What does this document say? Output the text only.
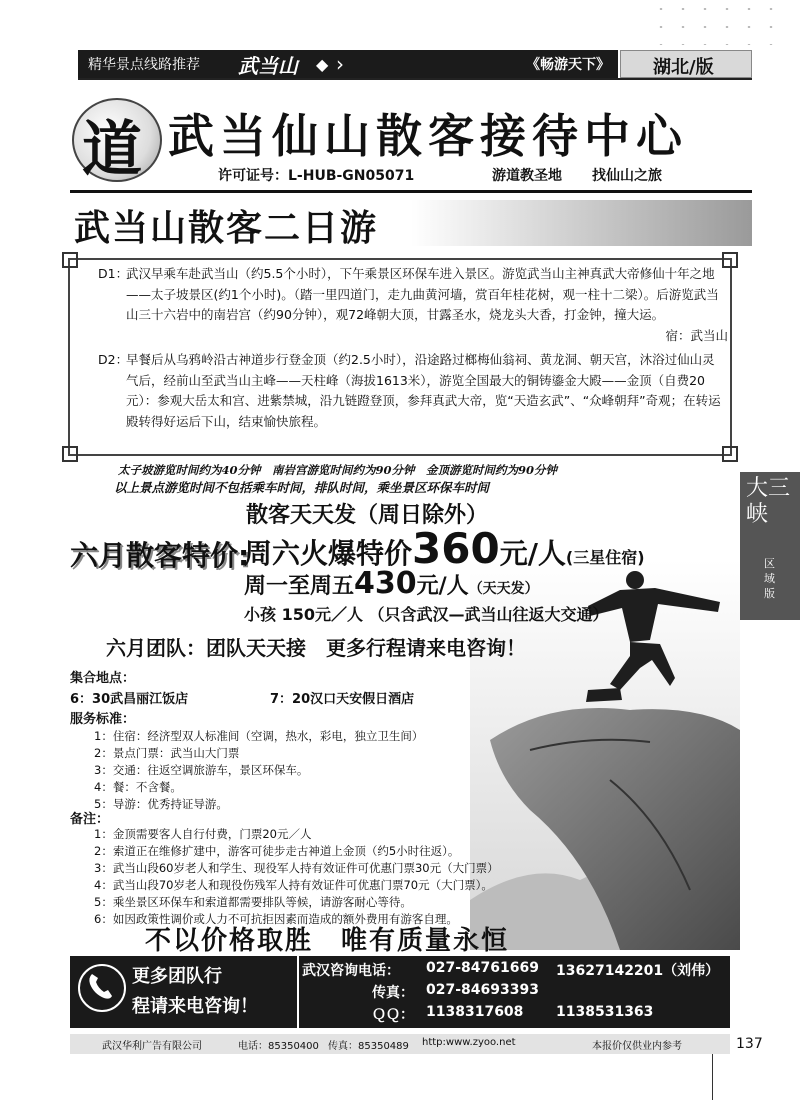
精华景点线路推荐 武当山 ◆ ›	《畅游天下》 湖北/版
道 武当仙山散客接待中心
许可证号：L-HUB-GN05071	游道教圣地 找仙山之旅
武当山散客二日游
D1：
武汉早乘车赴武当山（约5.5个小时），下午乘景区环保车进入景区。游览武当山主神真武大帝修仙十年之地——太子坡景区(约1个小时)。（踏一里四道门，走九曲黄河墙，赏百年桂花树，观一柱十二梁）。后游览武当山三十六岩中的南岩宫（约90分钟），观72峰朝大顶，甘露圣水，烧龙头大香，打金钟，撞大运。
宿：武当山
D2：
早餐后从乌鸦岭沿古神道步行登金顶（约2.5小时），沿途路过榔梅仙翁祠、黄龙洞、朝天宫，沐浴过仙山灵气后，经前山至武当山主峰——天柱峰（海拔1613米），游览全国最大的铜铸鎏金大殿——金顶（自费20元）：参观大岳太和宫、进紫禁城，沿九链蹬登顶，参拜真武大帝，览“天造玄武”、“众峰朝拜”奇观；在转运殿转得好运后下山，结束愉快旅程。
太子坡游览时间约为40分钟　南岩宫游览时间约为90分钟　金顶游览时间约为90分钟
以上景点游览时间不包括乘车时间，排队时间，乘坐景区环保车时间	大三峡
区域版
散客天天发（周日除外）
六月散客特价:
周六火爆特价360元/人(三星住宿)
周一至周五430元/人（天天发）
小孩 150元／人 （只含武汉—武当山往返大交通）
六月团队：团队天天接　更多行程请来电咨询！
集合地点：
6：30武昌丽江饭店	7：20汉口天安假日酒店
服务标准：
1：住宿：经济型双人标准间（空调，热水，彩电，独立卫生间）
2：景点门票：武当山大门票
3：交通：往返空调旅游车，景区环保车。
4：餐：不含餐。
5：导游：优秀持证导游。
备注：
1：金顶需要客人自行付费，门票20元／人
2：索道正在维修扩建中，游客可徒步走古神道上金顶（约5小时往返）。
3：武当山段60岁老人和学生、现役军人持有效证件可优惠门票30元（大门票）
4：武当山段70岁老人和现役伤残军人持有效证件可优惠门票70元（大门票）。
5：乘坐景区环保车和索道都需要排队等候，请游客耐心等待。
6：如因政策性调价或人力不可抗拒因素而造成的额外费用有游客自理。
不以价格取胜　唯有质量永恒
更多团队行
程请来电咨询！
武汉咨询电话： 027-84761669 13627142201（刘伟）
传真： 027-84693393
ＱＱ： 1138317608 1138531363
武汉华利广告有限公司	电话：85350400 传真：85350489 http:www.zyoo.net	本报价仅供业内参考	137
